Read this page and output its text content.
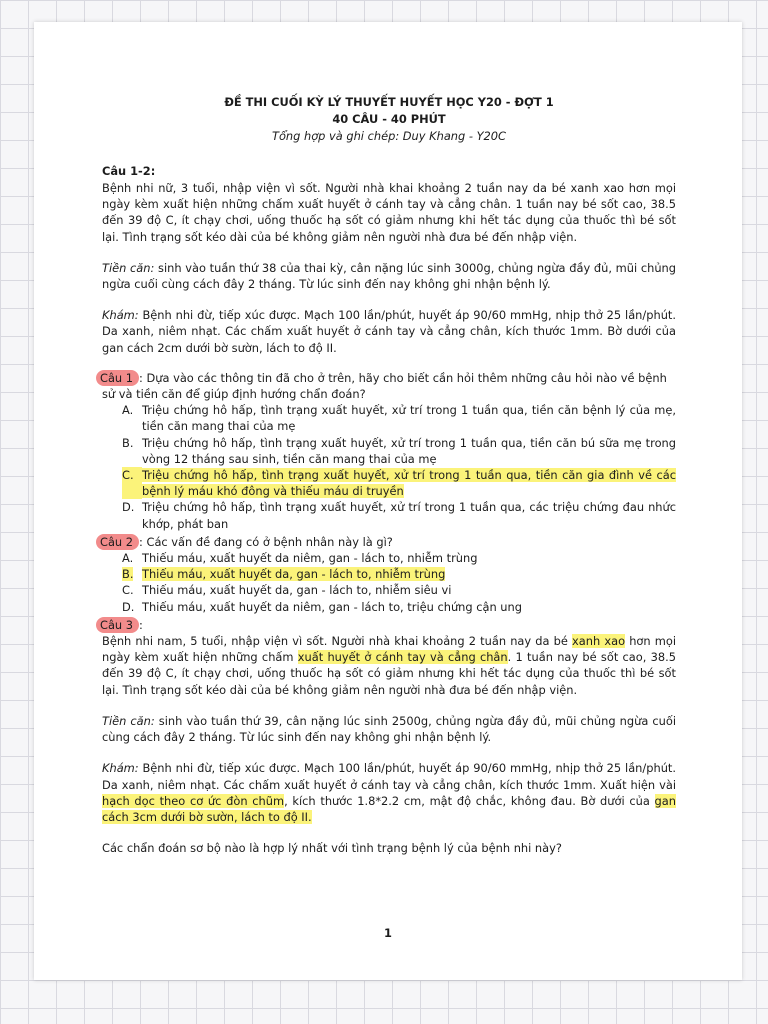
ĐỀ THI CUỐI KỲ LÝ THUYẾT HUYẾT HỌC Y20 - ĐỢT 1
40 CÂU - 40 PHÚT
Tổng hợp và ghi chép: Duy Khang - Y20C
Câu 1-2:

Bệnh nhi nữ, 3 tuổi, nhập viện vì sốt. Người nhà khai khoảng 2 tuần nay da bé xanh xao hơn mọi ngày kèm xuất hiện những chấm xuất huyết ở cánh tay và cẳng chân. 1 tuần nay bé sốt cao, 38.5 đến 39 độ C, ít chạy chơi, uống thuốc hạ sốt có giảm nhưng khi hết tác dụng của thuốc thì bé sốt lại. Tình trạng sốt kéo dài của bé không giảm nên người nhà đưa bé đến nhập viện.

Tiền căn: sinh vào tuần thứ 38 của thai kỳ, cân nặng lúc sinh 3000g, chủng ngừa đầy đủ, mũi chủng ngừa cuối cùng cách đây 2 tháng. Từ lúc sinh đến nay không ghi nhận bệnh lý.

Khám: Bệnh nhi đừ, tiếp xúc được. Mạch 100 lần/phút, huyết áp 90/60 mmHg, nhịp thở 25 lần/phút. Da xanh, niêm nhạt. Các chấm xuất huyết ở cánh tay và cẳng chân, kích thước 1mm. Bờ dưới của gan cách 2cm dưới bờ sườn, lách to độ II.

Câu 1 : Dựa vào các thông tin đã cho ở trên, hãy cho biết cần hỏi thêm những câu hỏi nào về bệnh sử và tiền căn để giúp định hướng chẩn đoán?
A. Triệu chứng hô hấp, tình trạng xuất huyết, xử trí trong 1 tuần qua, tiền căn bệnh lý của mẹ, tiền căn mang thai của mẹ
B. Triệu chứng hô hấp, tình trạng xuất huyết, xử trí trong 1 tuần qua, tiền căn bú sữa mẹ trong vòng 12 tháng sau sinh, tiền căn mang thai của mẹ
C. Triệu chứng hô hấp, tình trạng xuất huyết, xử trí trong 1 tuần qua, tiền căn gia đình về các bệnh lý máu khó đông và thiếu máu di truyền
D. Triệu chứng hô hấp, tình trạng xuất huyết, xử trí trong 1 tuần qua, các triệu chứng đau nhức khớp, phát ban
Câu 2 : Các vấn đề đang có ở bệnh nhân này là gì?
A. Thiếu máu, xuất huyết da niêm, gan - lách to, nhiễm trùng
B. Thiếu máu, xuất huyết da, gan - lách to, nhiễm trùng
C. Thiếu máu, xuất huyết da, gan - lách to, nhiễm siêu vi
D. Thiếu máu, xuất huyết da niêm, gan - lách to, triệu chứng cận ung
Câu 3 :

Bệnh nhi nam, 5 tuổi, nhập viện vì sốt. Người nhà khai khoảng 2 tuần nay da bé xanh xao hơn mọi ngày kèm xuất hiện những chấm xuất huyết ở cánh tay và cẳng chân. 1 tuần nay bé sốt cao, 38.5 đến 39 độ C, ít chạy chơi, uống thuốc hạ sốt có giảm nhưng khi hết tác dụng của thuốc thì bé sốt lại. Tình trạng sốt kéo dài của bé không giảm nên người nhà đưa bé đến nhập viện.

Tiền căn: sinh vào tuần thứ 39, cân nặng lúc sinh 2500g, chủng ngừa đầy đủ, mũi chủng ngừa cuối cùng cách đây 2 tháng. Từ lúc sinh đến nay không ghi nhận bệnh lý.

Khám: Bệnh nhi đừ, tiếp xúc được. Mạch 100 lần/phút, huyết áp 90/60 mmHg, nhịp thở 25 lần/phút. Da xanh, niêm nhạt. Các chấm xuất huyết ở cánh tay và cẳng chân, kích thước 1mm. Xuất hiện vài hạch dọc theo cơ ức đòn chũm, kích thước 1.8*2.2 cm, mật độ chắc, không đau. Bờ dưới của gan cách 3cm dưới bờ sườn, lách to độ II.

Các chẩn đoán sơ bộ nào là hợp lý nhất với tình trạng bệnh lý của bệnh nhi này?

1
